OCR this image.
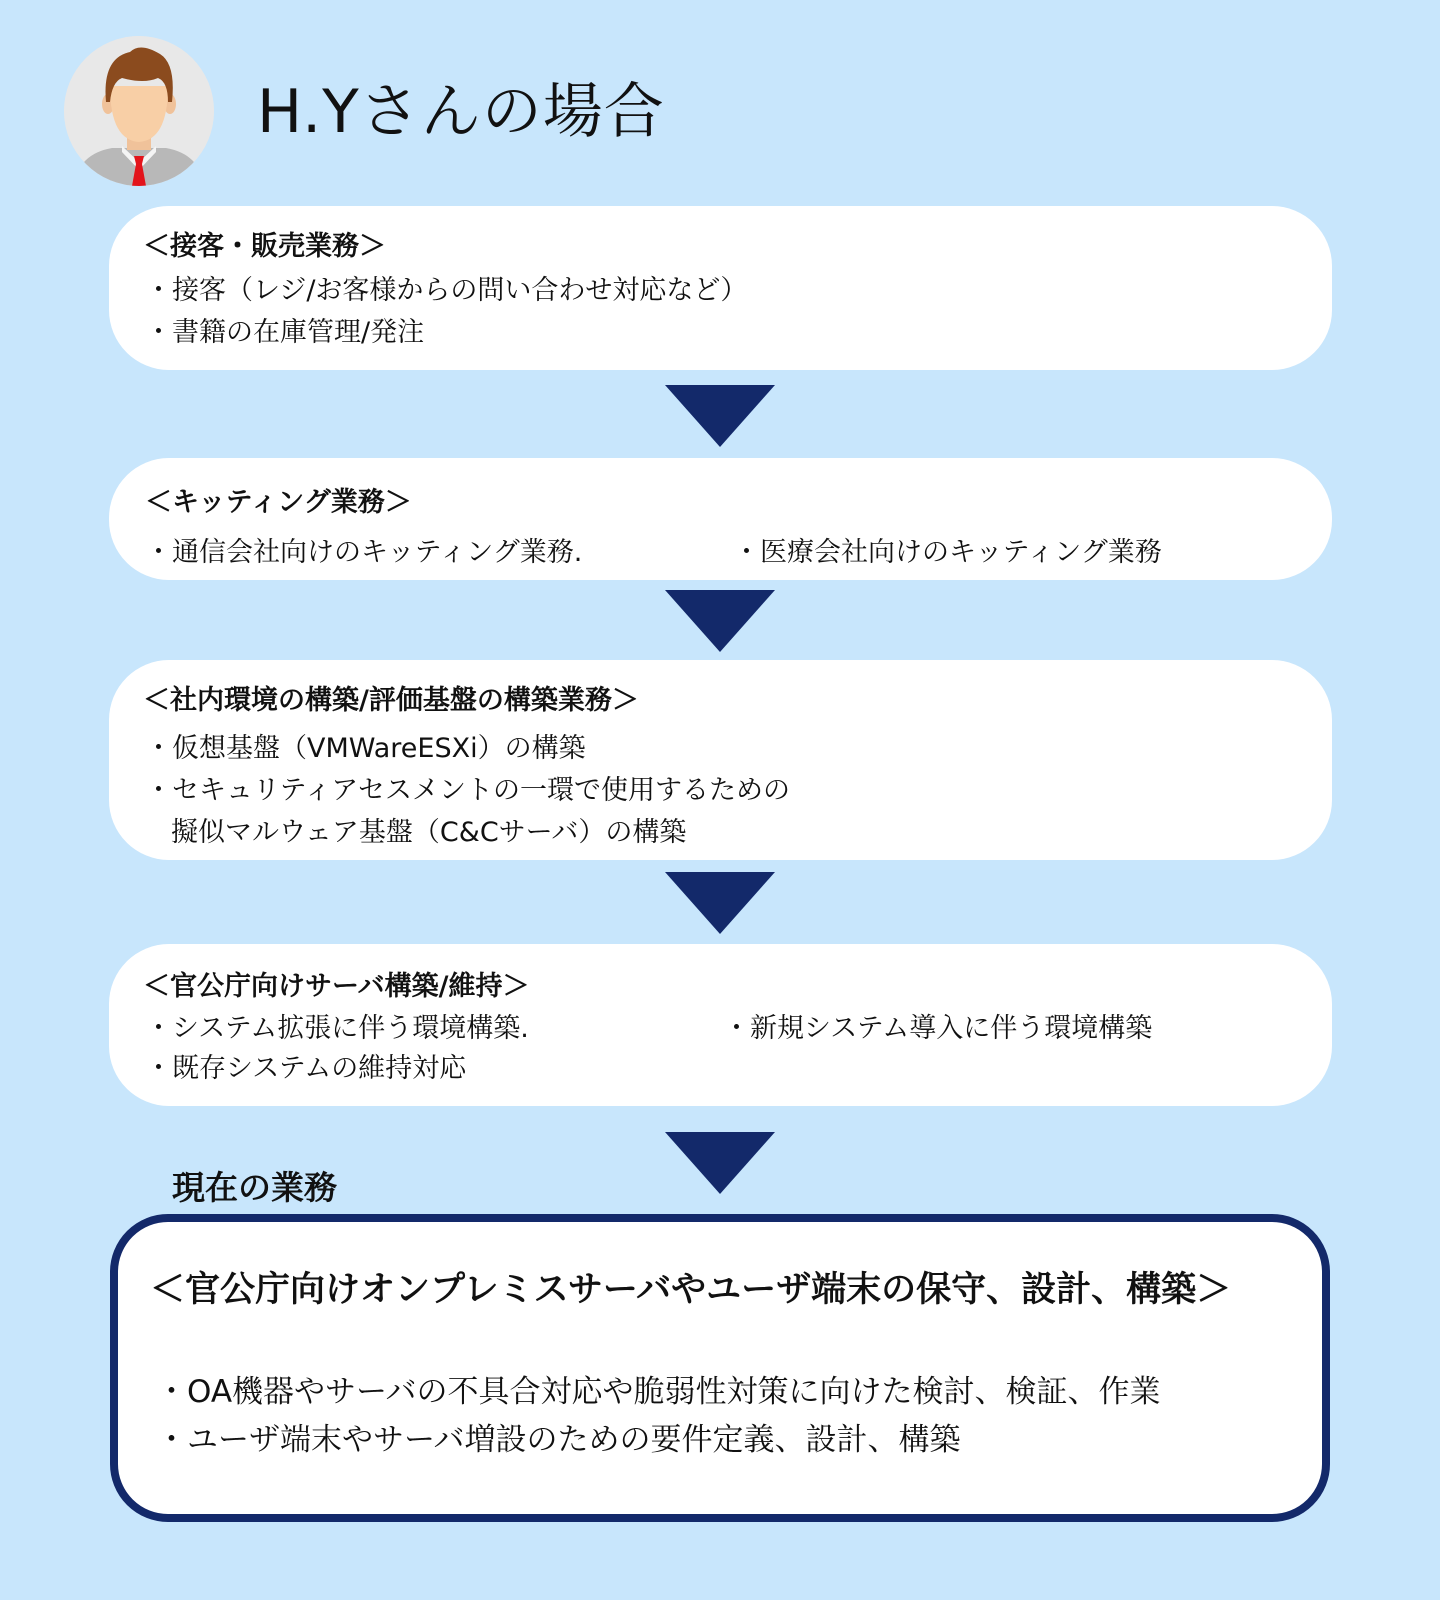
H.Yさんの場合
＜接客・販売業務＞
・接客（レジ/お客様からの問い合わせ対応など）
・書籍の在庫管理/発注
＜キッティング業務＞
・通信会社向けのキッティング業務.	・医療会社向けのキッティング業務
＜社内環境の構築/評価基盤の構築業務＞
・仮想基盤（VMWareESXi）の構築
・セキュリティアセスメントの一環で使用するための
擬似マルウェア基盤（C&Cサーバ）の構築
＜官公庁向けサーバ構築/維持＞
・システム拡張に伴う環境構築.	・新規システム導入に伴う環境構築
・既存システムの維持対応
現在の業務
＜官公庁向けオンプレミスサーバやユーザ端末の保守、設計、構築＞
・OA機器やサーバの不具合対応や脆弱性対策に向けた検討、検証、作業
・ユーザ端末やサーバ増設のための要件定義、設計、構築
